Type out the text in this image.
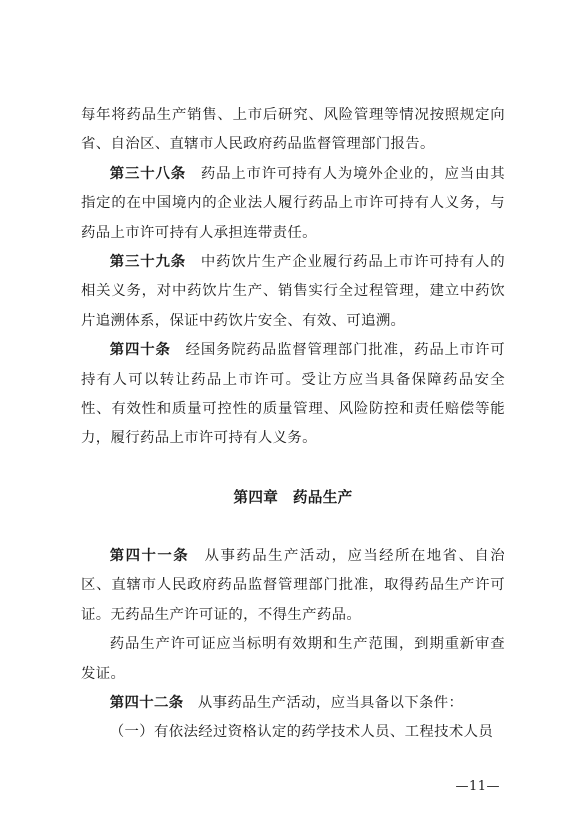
每年将药品生产销售、上市后研究、风险管理等情况按照规定向省、自治区、直辖市人民政府药品监督管理部门报告。

第三十八条 药品上市许可持有人为境外企业的，应当由其指定的在中国境内的企业法人履行药品上市许可持有人义务，与药品上市许可持有人承担连带责任。

第三十九条 中药饮片生产企业履行药品上市许可持有人的相关义务，对中药饮片生产、销售实行全过程管理，建立中药饮片追溯体系，保证中药饮片安全、有效、可追溯。

第四十条 经国务院药品监督管理部门批准，药品上市许可持有人可以转让药品上市许可。受让方应当具备保障药品安全性、有效性和质量可控性的质量管理、风险防控和责任赔偿等能力，履行药品上市许可持有人义务。

第四章 药品生产

第四十一条 从事药品生产活动，应当经所在地省、自治区、直辖市人民政府药品监督管理部门批准，取得药品生产许可证。无药品生产许可证的，不得生产药品。

药品生产许可证应当标明有效期和生产范围，到期重新审查发证。

第四十二条 从事药品生产活动，应当具备以下条件：

（一）有依法经过资格认定的药学技术人员、工程技术人员

—11—
